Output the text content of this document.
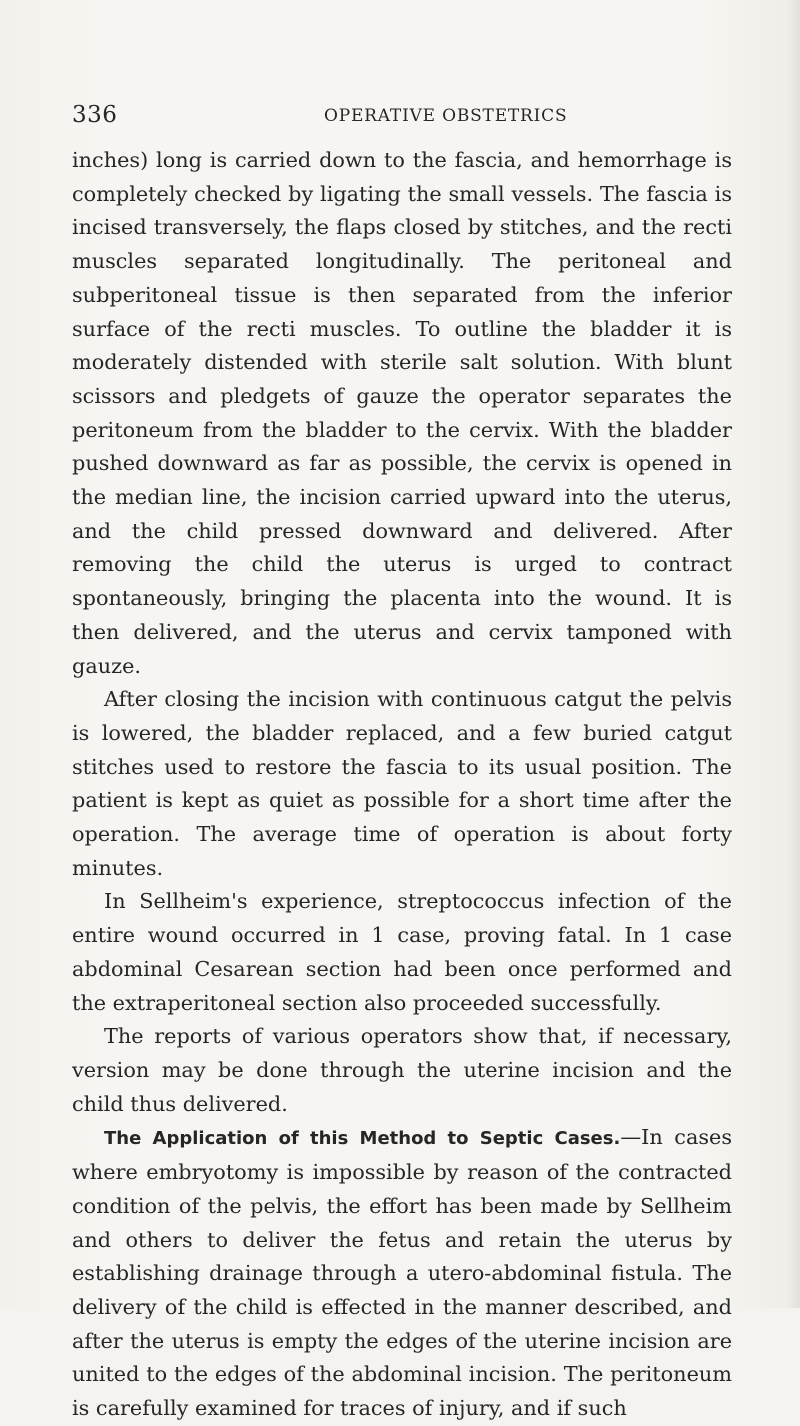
336	OPERATIVE OBSTETRICS

inches) long is carried down to the fascia, and hemorrhage is completely checked by ligating the small vessels. The fascia is incised transversely, the flaps closed by stitches, and the recti muscles separated longitudinally. The peritoneal and subperitoneal tissue is then separated from the inferior surface of the recti muscles. To outline the bladder it is moderately distended with sterile salt solution. With blunt scissors and pledgets of gauze the operator separates the peritoneum from the bladder to the cervix. With the bladder pushed downward as far as possible, the cervix is opened in the median line, the incision carried upward into the uterus, and the child pressed downward and delivered. After removing the child the uterus is urged to contract spontaneously, bringing the placenta into the wound. It is then delivered, and the uterus and cervix tamponed with gauze.

After closing the incision with continuous catgut the pelvis is lowered, the bladder replaced, and a few buried catgut stitches used to restore the fascia to its usual position. The patient is kept as quiet as possible for a short time after the operation. The average time of operation is about forty minutes.

In Sellheim's experience, streptococcus infection of the entire wound occurred in 1 case, proving fatal. In 1 case abdominal Cesarean section had been once performed and the extraperitoneal section also proceeded successfully.

The reports of various operators show that, if necessary, version may be done through the uterine incision and the child thus delivered.

The Application of this Method to Septic Cases.—In cases where embryotomy is impossible by reason of the contracted condition of the pelvis, the effort has been made by Sellheim and others to deliver the fetus and retain the uterus by establishing drainage through a utero-abdominal fistula. The delivery of the child is effected in the manner described, and after the uterus is empty the edges of the uterine incision are united to the edges of the abdominal incision. The peritoneum is carefully examined for traces of injury, and if such
